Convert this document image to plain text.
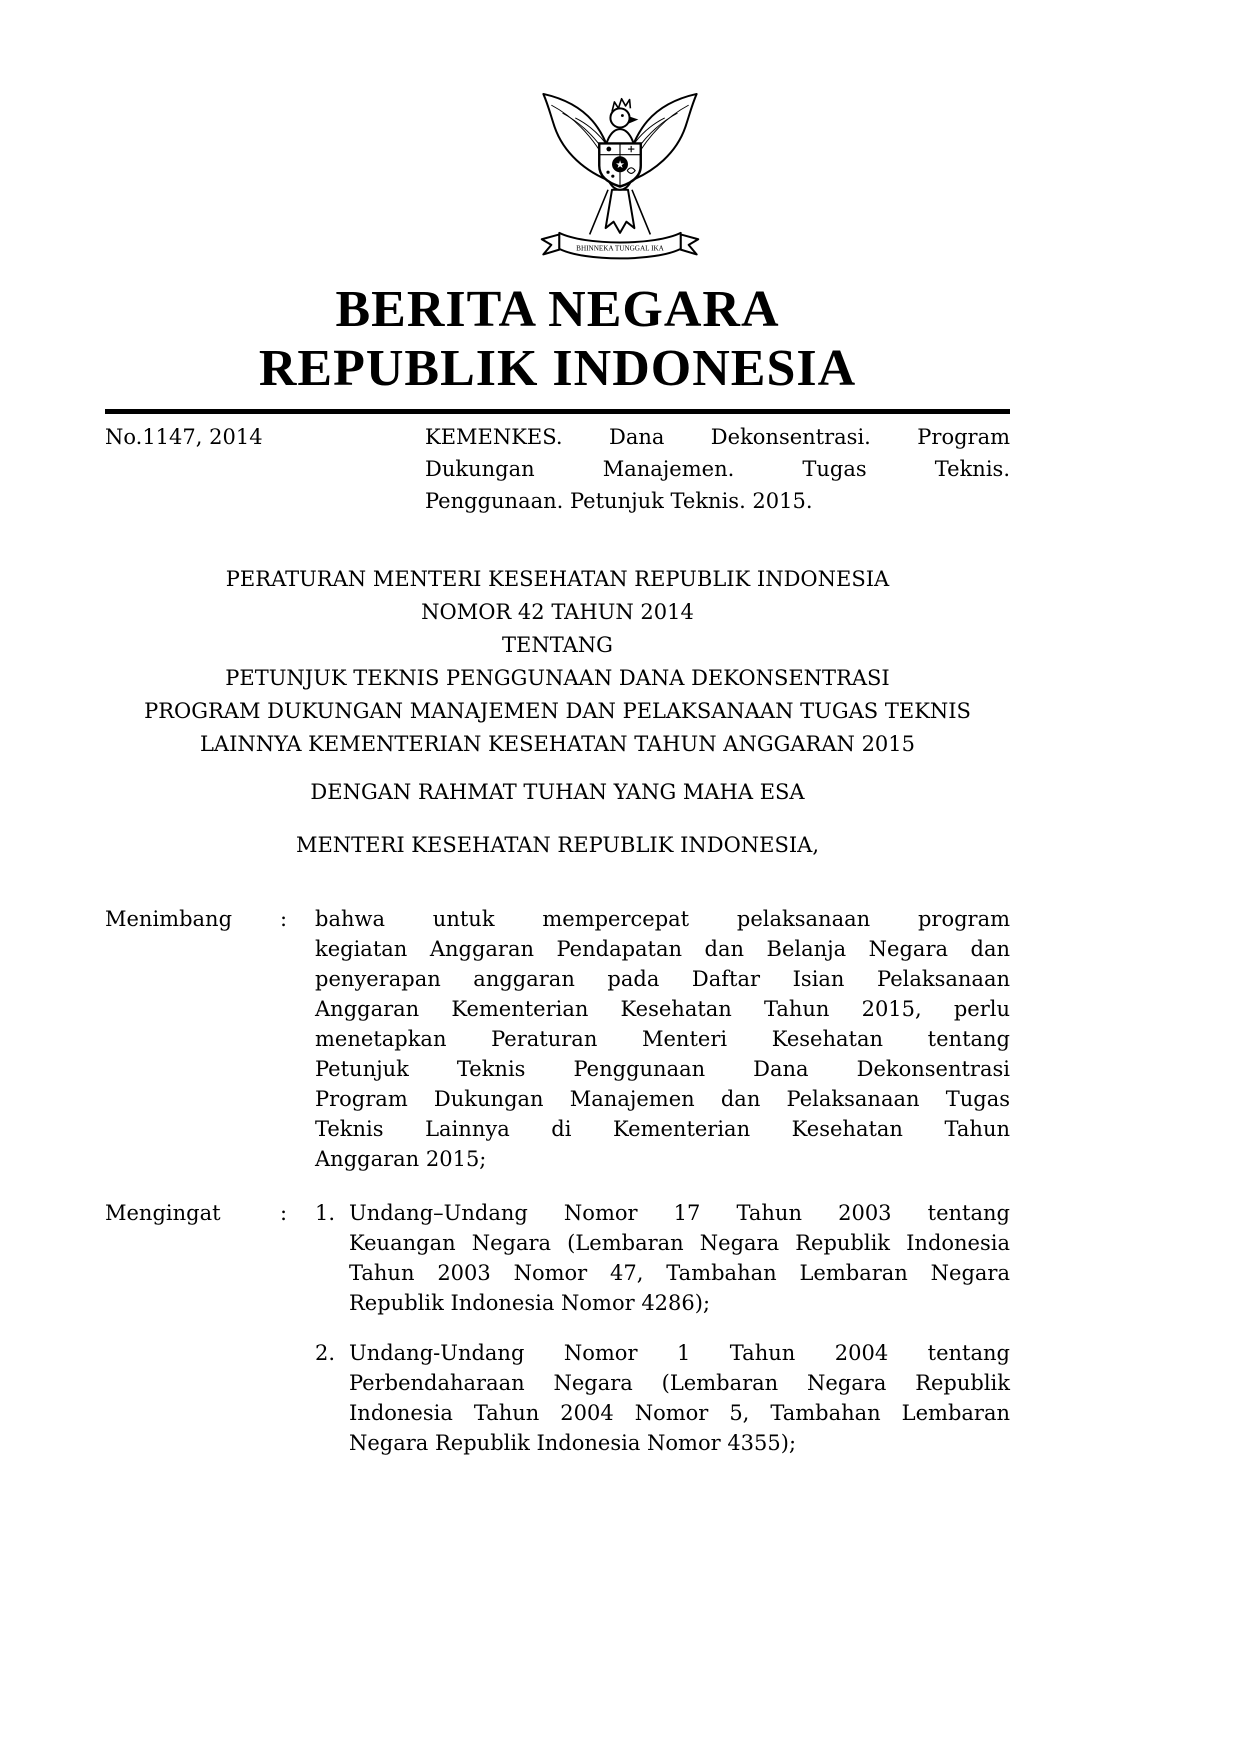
★
BHINNEKA TUNGGAL IKA
BERITA NEGARA
REPUBLIK INDONESIA
No.1147, 2014	KEMENKES. Dana Dekonsentrasi. Program
Dukungan Manajemen. Tugas Teknis.
Penggunaan. Petunjuk Teknis. 2015.
PERATURAN MENTERI KESEHATAN REPUBLIK INDONESIA
NOMOR 42 TAHUN 2014
TENTANG
PETUNJUK TEKNIS PENGGUNAAN DANA DEKONSENTRASI
PROGRAM DUKUNGAN MANAJEMEN DAN PELAKSANAAN TUGAS TEKNIS
LAINNYA KEMENTERIAN KESEHATAN TAHUN ANGGARAN 2015
DENGAN RAHMAT TUHAN YANG MAHA ESA
MENTERI KESEHATAN REPUBLIK INDONESIA,
Menimbang	:	bahwa untuk mempercepat pelaksanaan program
kegiatan Anggaran Pendapatan dan Belanja Negara dan
penyerapan anggaran pada Daftar Isian Pelaksanaan
Anggaran Kementerian Kesehatan Tahun 2015, perlu
menetapkan Peraturan Menteri Kesehatan tentang
Petunjuk Teknis Penggunaan Dana Dekonsentrasi
Program Dukungan Manajemen dan Pelaksanaan Tugas
Teknis Lainnya di Kementerian Kesehatan Tahun
Anggaran 2015;
Mengingat	:	1. Undang–Undang Nomor 17 Tahun 2003 tentang
Keuangan Negara (Lembaran Negara Republik Indonesia
Tahun 2003 Nomor 47, Tambahan Lembaran Negara
Republik Indonesia Nomor 4286);
2. Undang-Undang Nomor 1 Tahun 2004 tentang
Perbendaharaan Negara (Lembaran Negara Republik
Indonesia Tahun 2004 Nomor 5, Tambahan Lembaran
Negara Republik Indonesia Nomor 4355);
